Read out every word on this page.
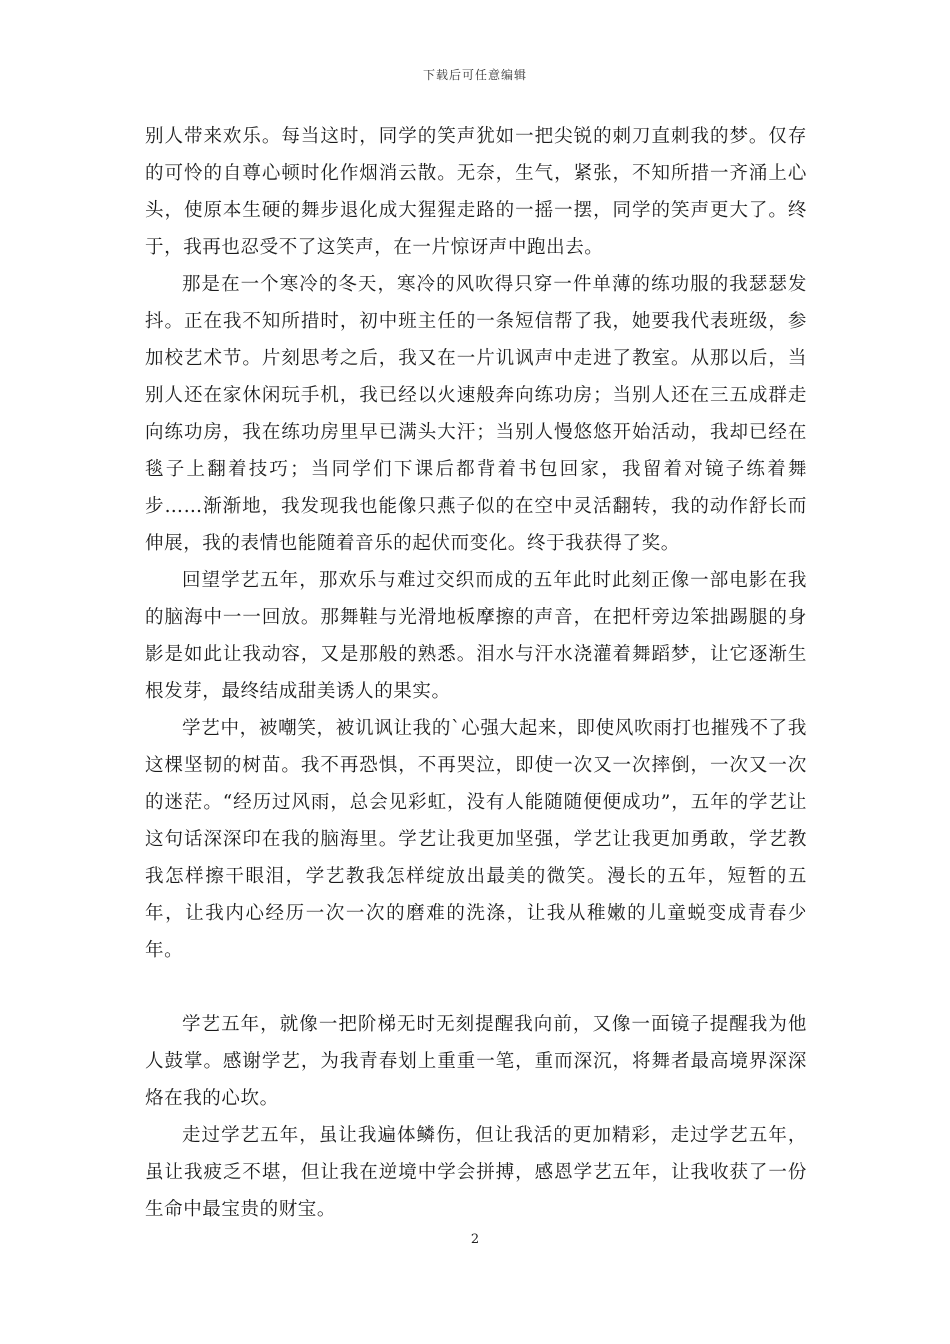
下载后可任意编辑

别人带来欢乐。每当这时，同学的笑声犹如一把尖锐的刺刀直刺我的梦。仅存的可怜的自尊心顿时化作烟消云散。无奈，生气，紧张，不知所措一齐涌上心头，使原本生硬的舞步退化成大猩猩走路的一摇一摆，同学的笑声更大了。终于，我再也忍受不了这笑声，在一片惊讶声中跑出去。

那是在一个寒冷的冬天，寒冷的风吹得只穿一件单薄的练功服的我瑟瑟发抖。正在我不知所措时，初中班主任的一条短信帮了我，她要我代表班级，参加校艺术节。片刻思考之后，我又在一片讥讽声中走进了教室。从那以后，当别人还在家休闲玩手机，我已经以火速般奔向练功房；当别人还在三五成群走向练功房，我在练功房里早已满头大汗；当别人慢悠悠开始活动，我却已经在毯子上翻着技巧；当同学们下课后都背着书包回家，我留着对镜子练着舞步……渐渐地，我发现我也能像只燕子似的在空中灵活翻转，我的动作舒长而伸展，我的表情也能随着音乐的起伏而变化。终于我获得了奖。

回望学艺五年，那欢乐与难过交织而成的五年此时此刻正像一部电影在我的脑海中一一回放。那舞鞋与光滑地板摩擦的声音，在把杆旁边笨拙踢腿的身影是如此让我动容，又是那般的熟悉。泪水与汗水浇灌着舞蹈梦，让它逐渐生根发芽，最终结成甜美诱人的果实。

学艺中，被嘲笑，被讥讽让我的`心强大起来，即使风吹雨打也摧残不了我这棵坚韧的树苗。我不再恐惧，不再哭泣，即使一次又一次摔倒，一次又一次的迷茫。“经历过风雨，总会见彩虹，没有人能随随便便成功”，五年的学艺让这句话深深印在我的脑海里。学艺让我更加坚强，学艺让我更加勇敢，学艺教我怎样擦干眼泪，学艺教我怎样绽放出最美的微笑。漫长的五年，短暂的五年，让我内心经历一次一次的磨难的洗涤，让我从稚嫩的儿童蜕变成青春少年。

学艺五年，就像一把阶梯无时无刻提醒我向前，又像一面镜子提醒我为他人鼓掌。感谢学艺，为我青春划上重重一笔，重而深沉，将舞者最高境界深深烙在我的心坎。

走过学艺五年，虽让我遍体鳞伤，但让我活的更加精彩，走过学艺五年，虽让我疲乏不堪，但让我在逆境中学会拼搏，感恩学艺五年，让我收获了一份生命中最宝贵的财宝。

2
